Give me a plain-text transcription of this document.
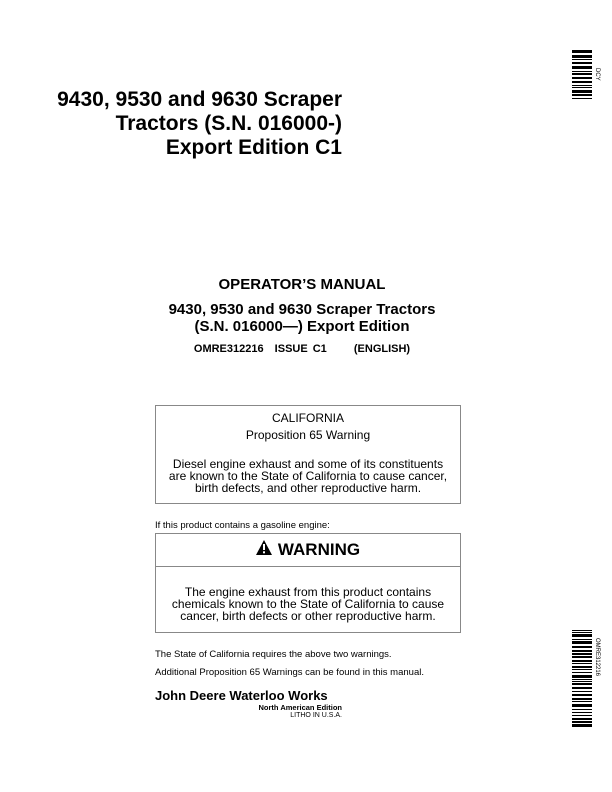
9430, 9530 and 9630 Scraper
Tractors (S.N. 016000-)
Export Edition C1
OPERATOR’S MANUAL
9430, 9530 and 9630 Scraper Tractors
(S.N. 016000—) Export Edition
OMRE312216 ISSUE C1 (ENGLISH)
CALIFORNIA
Proposition 65 Warning
Diesel engine exhaust and some of its constituents are known to the State of California to cause cancer, birth defects, and other reproductive harm.
If this product contains a gasoline engine:
WARNING
The engine exhaust from this product contains chemicals known to the State of California to cause cancer, birth defects or other reproductive harm.
The State of California requires the above two warnings.
Additional Proposition 65 Warnings can be found in this manual.
John Deere Waterloo Works
North American Edition
LITHO IN U.S.A.
DCY
OMRE312216
